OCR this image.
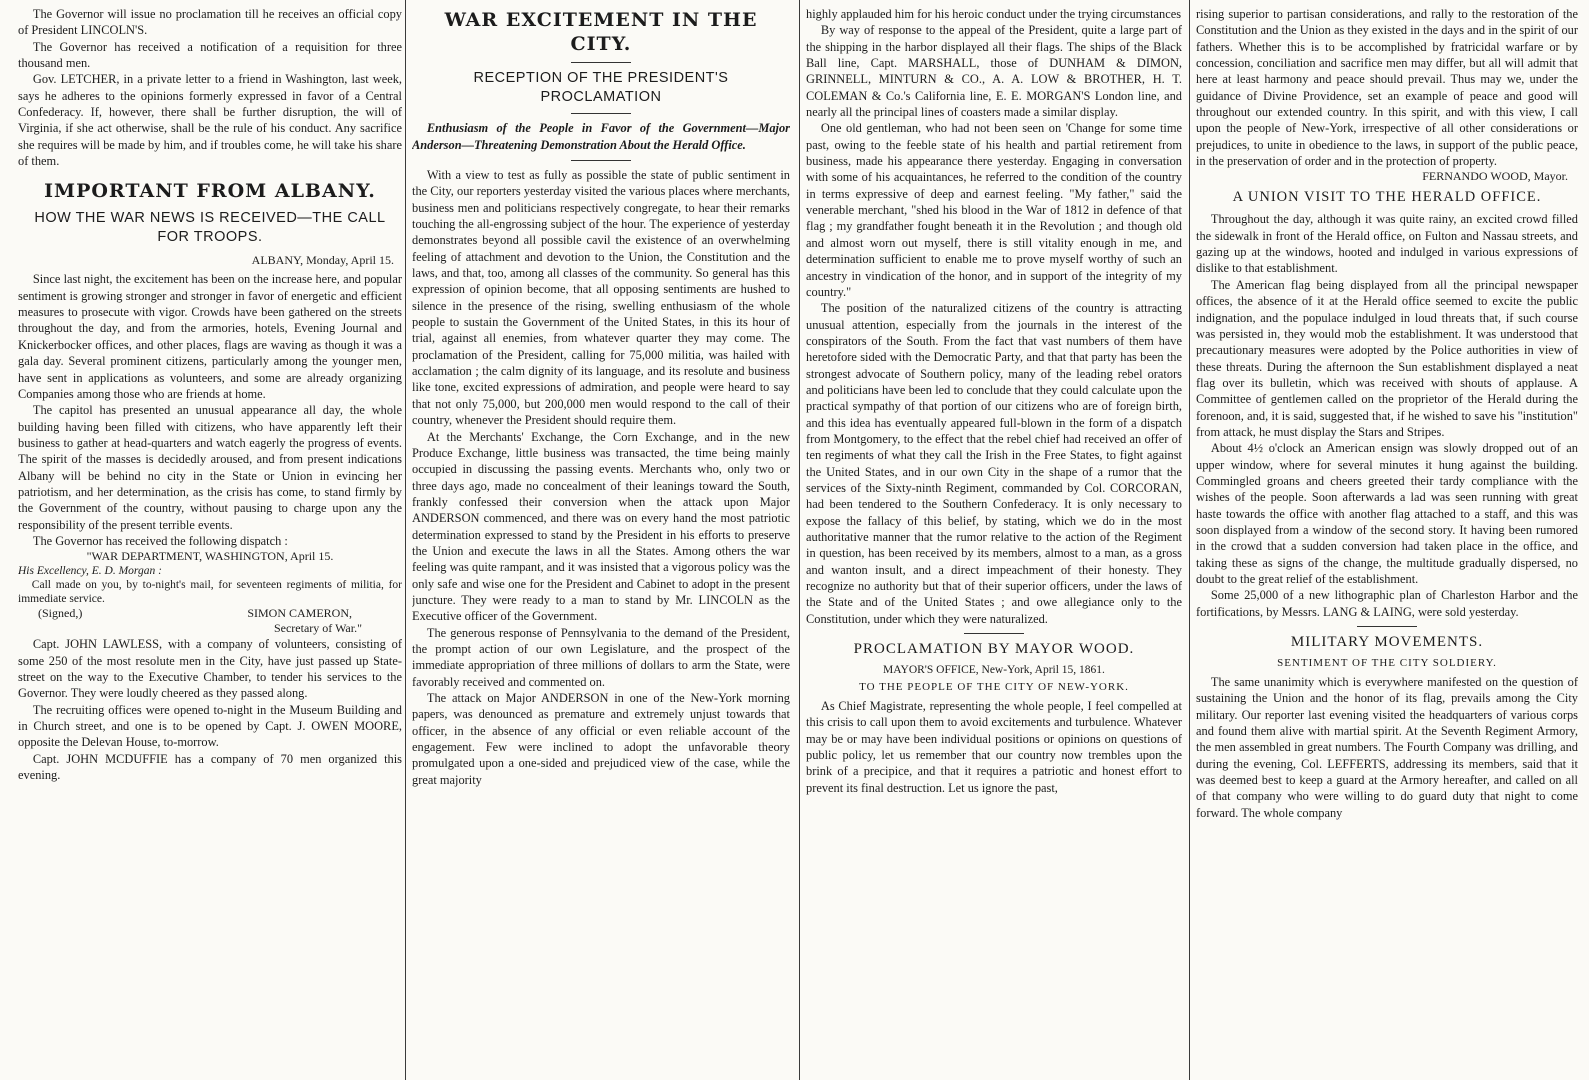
The Governor will issue no proclamation till he receives an official copy of President LINCOLN'S.

The Governor has received a notification of a requisition for three thousand men.

Gov. LETCHER, in a private letter to a friend in Washington, last week, says he adheres to the opinions formerly expressed in favor of a Central Confederacy. If, however, there shall be further disruption, the will of Virginia, if she act otherwise, shall be the rule of his conduct. Any sacrifice she requires will be made by him, and if troubles come, he will take his share of them.

IMPORTANT FROM ALBANY.
HOW THE WAR NEWS IS RECEIVED—THE CALL FOR TROOPS.
ALBANY, Monday, April 15.

Since last night, the excitement has been on the increase here, and popular sentiment is growing stronger and stronger in favor of energetic and efficient measures to prosecute with vigor. Crowds have been gathered on the streets throughout the day, and from the armories, hotels, Evening Journal and Knickerbocker offices, and other places, flags are waving as though it was a gala day. Several prominent citizens, particularly among the younger men, have sent in applications as volunteers, and some are already organizing Companies among those who are friends at home.

The capitol has presented an unusual appearance all day, the whole building having been filled with citizens, who have apparently left their business to gather at head-quarters and watch eagerly the progress of events. The spirit of the masses is decidedly aroused, and from present indications Albany will be behind no city in the State or Union in evincing her patriotism, and her determination, as the crisis has come, to stand firmly by the Government of the country, without pausing to charge upon any the responsibility of the present terrible events.

The Governor has received the following dispatch :

"WAR DEPARTMENT, WASHINGTON, April 15.
His Excellency, E. D. Morgan :

Call made on you, by to-night's mail, for seventeen regiments of militia, for immediate service.

(Signed,)	SIMON CAMERON,
Secretary of War."

Capt. JOHN LAWLESS, with a company of volunteers, consisting of some 250 of the most resolute men in the City, have just passed up State-street on the way to the Executive Chamber, to tender his services to the Governor. They were loudly cheered as they passed along.

The recruiting offices were opened to-night in the Museum Building and in Church street, and one is to be opened by Capt. J. OWEN MOORE, opposite the Delevan House, to-morrow.

Capt. JOHN MCDUFFIE has a company of 70 men organized this evening.

WAR EXCITEMENT IN THE CITY.
RECEPTION OF THE PRESIDENT'S PROCLAMATION

Enthusiasm of the People in Favor of the Government—Major Anderson—Threatening Demonstration About the Herald Office.

With a view to test as fully as possible the state of public sentiment in the City, our reporters yesterday visited the various places where merchants, business men and politicians respectively congregate, to hear their remarks touching the all-engrossing subject of the hour. The experience of yesterday demonstrates beyond all possible cavil the existence of an overwhelming feeling of attachment and devotion to the Union, the Constitution and the laws, and that, too, among all classes of the community. So general has this expression of opinion become, that all opposing sentiments are hushed to silence in the presence of the rising, swelling enthusiasm of the whole people to sustain the Government of the United States, in this its hour of trial, against all enemies, from whatever quarter they may come. The proclamation of the President, calling for 75,000 militia, was hailed with acclamation ; the calm dignity of its language, and its resolute and business like tone, excited expressions of admiration, and people were heard to say that not only 75,000, but 200,000 men would respond to the call of their country, whenever the President should require them.

At the Merchants' Exchange, the Corn Exchange, and in the new Produce Exchange, little business was transacted, the time being mainly occupied in discussing the passing events. Merchants who, only two or three days ago, made no concealment of their leanings toward the South, frankly confessed their conversion when the attack upon Major ANDERSON commenced, and there was on every hand the most patriotic determination expressed to stand by the President in his efforts to preserve the Union and execute the laws in all the States. Among others the war feeling was quite rampant, and it was insisted that a vigorous policy was the only safe and wise one for the President and Cabinet to adopt in the present juncture. They were ready to a man to stand by Mr. LINCOLN as the Executive officer of the Government.

The generous response of Pennsylvania to the demand of the President, the prompt action of our own Legislature, and the prospect of the immediate appropriation of three millions of dollars to arm the State, were favorably received and commented on.

The attack on Major ANDERSON in one of the New-York morning papers, was denounced as premature and extremely unjust towards that officer, in the absence of any official or even reliable account of the engagement. Few were inclined to adopt the unfavorable theory promulgated upon a one-sided and prejudiced view of the case, while the great majority

highly applauded him for his heroic conduct under the trying circumstances

By way of response to the appeal of the President, quite a large part of the shipping in the harbor displayed all their flags. The ships of the Black Ball line, Capt. MARSHALL, those of DUNHAM & DIMON, GRINNELL, MINTURN & CO., A. A. LOW & BROTHER, H. T. COLEMAN & Co.'s California line, E. E. MORGAN'S London line, and nearly all the principal lines of coasters made a similar display.

One old gentleman, who had not been seen on 'Change for some time past, owing to the feeble state of his health and partial retirement from business, made his appearance there yesterday. Engaging in conversation with some of his acquaintances, he referred to the condition of the country in terms expressive of deep and earnest feeling. "My father," said the venerable merchant, "shed his blood in the War of 1812 in defence of that flag ; my grandfather fought beneath it in the Revolution ; and though old and almost worn out myself, there is still vitality enough in me, and determination sufficient to enable me to prove myself worthy of such an ancestry in vindication of the honor, and in support of the integrity of my country."

The position of the naturalized citizens of the country is attracting unusual attention, especially from the journals in the interest of the conspirators of the South. From the fact that vast numbers of them have heretofore sided with the Democratic Party, and that that party has been the strongest advocate of Southern policy, many of the leading rebel orators and politicians have been led to conclude that they could calculate upon the practical sympathy of that portion of our citizens who are of foreign birth, and this idea has eventually appeared full-blown in the form of a dispatch from Montgomery, to the effect that the rebel chief had received an offer of ten regiments of what they call the Irish in the Free States, to fight against the United States, and in our own City in the shape of a rumor that the services of the Sixty-ninth Regiment, commanded by Col. CORCORAN, had been tendered to the Southern Confederacy. It is only necessary to expose the fallacy of this belief, by stating, which we do in the most authoritative manner that the rumor relative to the action of the Regiment in question, has been received by its members, almost to a man, as a gross and wanton insult, and a direct impeachment of their honesty. They recognize no authority but that of their superior officers, under the laws of the State and of the United States ; and owe allegiance only to the Constitution, under which they were naturalized.

PROCLAMATION BY MAYOR WOOD.
MAYOR'S OFFICE, New-York, April 15, 1861.
TO THE PEOPLE OF THE CITY OF NEW-YORK.

As Chief Magistrate, representing the whole people, I feel compelled at this crisis to call upon them to avoid excitements and turbulence. Whatever may be or may have been individual positions or opinions on questions of public policy, let us remember that our country now trembles upon the brink of a precipice, and that it requires a patriotic and honest effort to prevent its final destruction. Let us ignore the past,

rising superior to partisan considerations, and rally to the restoration of the Constitution and the Union as they existed in the days and in the spirit of our fathers. Whether this is to be accomplished by fratricidal warfare or by concession, conciliation and sacrifice men may differ, but all will admit that here at least harmony and peace should prevail. Thus may we, under the guidance of Divine Providence, set an example of peace and good will throughout our extended country. In this spirit, and with this view, I call upon the people of New-York, irrespective of all other considerations or prejudices, to unite in obedience to the laws, in support of the public peace, in the preservation of order and in the protection of property.

FERNANDO WOOD, Mayor.
A UNION VISIT TO THE HERALD OFFICE.

Throughout the day, although it was quite rainy, an excited crowd filled the sidewalk in front of the Herald office, on Fulton and Nassau streets, and gazing up at the windows, hooted and indulged in various expressions of dislike to that establishment.

The American flag being displayed from all the principal newspaper offices, the absence of it at the Herald office seemed to excite the public indignation, and the populace indulged in loud threats that, if such course was persisted in, they would mob the establishment. It was understood that precautionary measures were adopted by the Police authorities in view of these threats. During the afternoon the Sun establishment displayed a neat flag over its bulletin, which was received with shouts of applause. A Committee of gentlemen called on the proprietor of the Herald during the forenoon, and, it is said, suggested that, if he wished to save his "institution" from attack, he must display the Stars and Stripes.

About 4½ o'clock an American ensign was slowly dropped out of an upper window, where for several minutes it hung against the building. Commingled groans and cheers greeted their tardy compliance with the wishes of the people. Soon afterwards a lad was seen running with great haste towards the office with another flag attached to a staff, and this was soon displayed from a window of the second story. It having been rumored in the crowd that a sudden conversion had taken place in the office, and taking these as signs of the change, the multitude gradually dispersed, no doubt to the great relief of the establishment.

Some 25,000 of a new lithographic plan of Charleston Harbor and the fortifications, by Messrs. LANG & LAING, were sold yesterday.

MILITARY MOVEMENTS.
SENTIMENT OF THE CITY SOLDIERY.

The same unanimity which is everywhere manifested on the question of sustaining the Union and the honor of its flag, prevails among the City military. Our reporter last evening visited the headquarters of various corps and found them alive with martial spirit. At the Seventh Regiment Armory, the men assembled in great numbers. The Fourth Company was drilling, and during the evening, Col. LEFFERTS, addressing its members, said that it was deemed best to keep a guard at the Armory hereafter, and called on all of that company who were willing to do guard duty that night to come forward. The whole company
